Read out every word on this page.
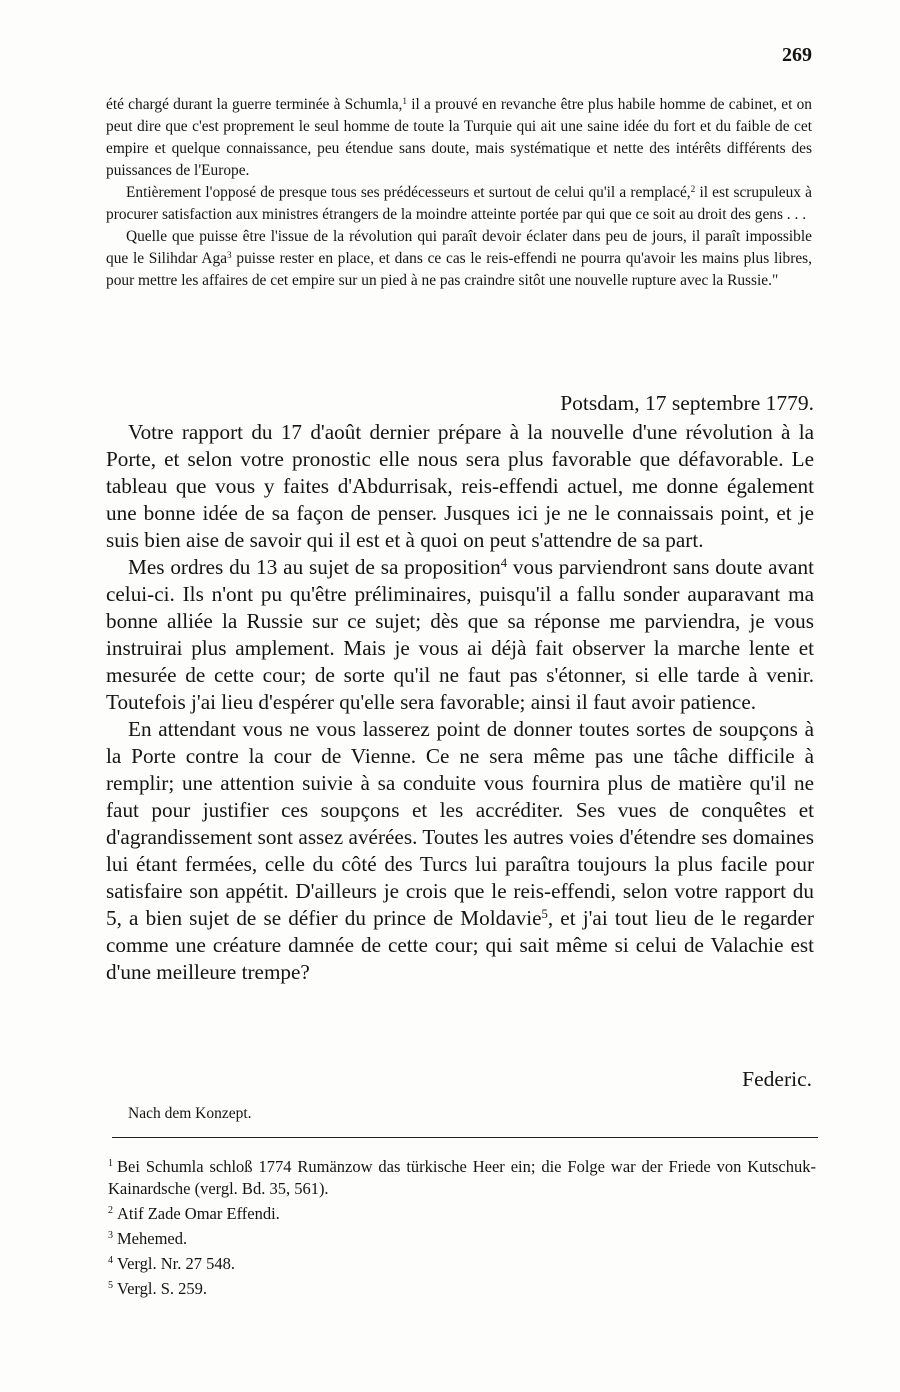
269

été chargé durant la guerre terminée à Schumla,$^1$ il a prouvé en revanche être plus habile homme de cabinet, et on peut dire que c'est proprement le seul homme de toute la Turquie qui ait une saine idée du fort et du faible de cet empire et quelque connaissance, peu étendue sans doute, mais systématique et nette des intérêts différents des puissances de l'Europe.

Entièrement l'opposé de presque tous ses prédécesseurs et surtout de celui qu'il a remplacé,$^2$ il est scrupuleux à procurer satisfaction aux ministres étrangers de la moindre atteinte portée par qui que ce soit au droit des gens . . .

Quelle que puisse être l'issue de la révolution qui paraît devoir éclater dans peu de jours, il paraît impossible que le Silihdar Aga$^3$ puisse rester en place, et dans ce cas le reis-effendi ne pourra qu'avoir les mains plus libres, pour mettre les affaires de cet empire sur un pied à ne pas craindre sitôt une nouvelle rupture avec la Russie."

Potsdam, 17 septembre 1779.

Votre rapport du 17 d'août dernier prépare à la nouvelle d'une révolution à la Porte, et selon votre pronostic elle nous sera plus favorable que défavorable. Le tableau que vous y faites d'Abdurrisak, reis-effendi actuel, me donne également une bonne idée de sa façon de penser. Jusques ici je ne le connaissais point, et je suis bien aise de savoir qui il est et à quoi on peut s'attendre de sa part.

Mes ordres du 13 au sujet de sa proposition$^4$ vous parviendront sans doute avant celui-ci. Ils n'ont pu qu'être préliminaires, puisqu'il a fallu sonder auparavant ma bonne alliée la Russie sur ce sujet; dès que sa réponse me parviendra, je vous instruirai plus amplement. Mais je vous ai déjà fait observer la marche lente et mesurée de cette cour; de sorte qu'il ne faut pas s'étonner, si elle tarde à venir. Toutefois j'ai lieu d'espérer qu'elle sera favorable; ainsi il faut avoir patience.

En attendant vous ne vous lasserez point de donner toutes sortes de soupçons à la Porte contre la cour de Vienne. Ce ne sera même pas une tâche difficile à remplir; une attention suivie à sa conduite vous fournira plus de matière qu'il ne faut pour justifier ces soupçons et les accréditer. Ses vues de conquêtes et d'agrandissement sont assez avérées. Toutes les autres voies d'étendre ses domaines lui étant fermées, celle du côté des Turcs lui paraîtra toujours la plus facile pour satisfaire son appétit. D'ailleurs je crois que le reis-effendi, selon votre rapport du 5, a bien sujet de se défier du prince de Moldavie$^5$, et j'ai tout lieu de le regarder comme une créature damnée de cette cour; qui sait même si celui de Valachie est d'une meilleure trempe?

Federic.
Nach dem Konzept.

$^1$ Bei Schumla schloß 1774 Rumänzow das türkische Heer ein; die Folge war der Friede von Kutschuk-Kainardsche (vergl. Bd. 35, 561).

$^2$ Atif Zade Omar Effendi.

$^3$ Mehemed.

$^4$ Vergl. Nr. 27 548.

$^5$ Vergl. S. 259.
